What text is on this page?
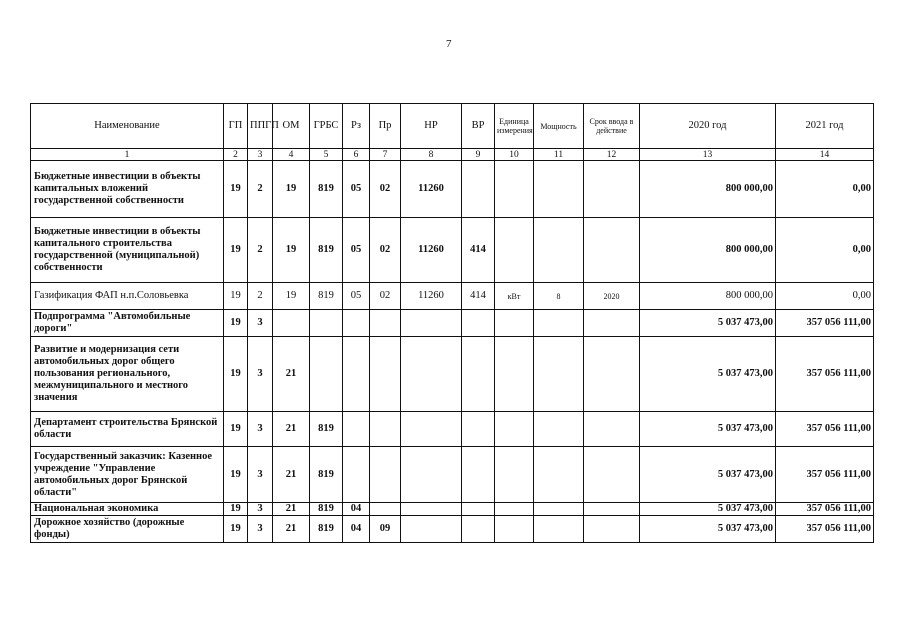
7
Наименование	ГП	ППГП	ОМ	ГРБС	Рз	Пр	НР	ВР	Единица измерения	Мощность	Срок ввода в действие	2020 год	2021 год
1	2	3	4	5	6	7	8	9	10	11	12	13	14
Бюджетные инвестиции в объекты капитальных вложений государственной собственности	19	2	19	819	05	02	11260					800 000,00	0,00
Бюджетные инвестиции в объекты капитального строительства государственной (муниципальной) собственности	19	2	19	819	05	02	11260	414				800 000,00	0,00
Газификация ФАП н.п.Соловьевка	19	2	19	819	05	02	11260	414	кВт	8	2020	800 000,00	0,00
Подпрограмма "Автомобильные дороги"	19	3										5 037 473,00	357 056 111,00
Развитие и модернизация сети автомобильных дорог общего пользования регионального, межмуниципального и местного значения	19	3	21									5 037 473,00	357 056 111,00
Департамент строительства Брянской области	19	3	21	819								5 037 473,00	357 056 111,00
Государственный заказчик: Казенное учреждение "Управление автомобильных дорог Брянской области"	19	3	21	819								5 037 473,00	357 056 111,00
Национальная экономика	19	3	21	819	04							5 037 473,00	357 056 111,00
Дорожное хозяйство (дорожные фонды)	19	3	21	819	04	09						5 037 473,00	357 056 111,00
